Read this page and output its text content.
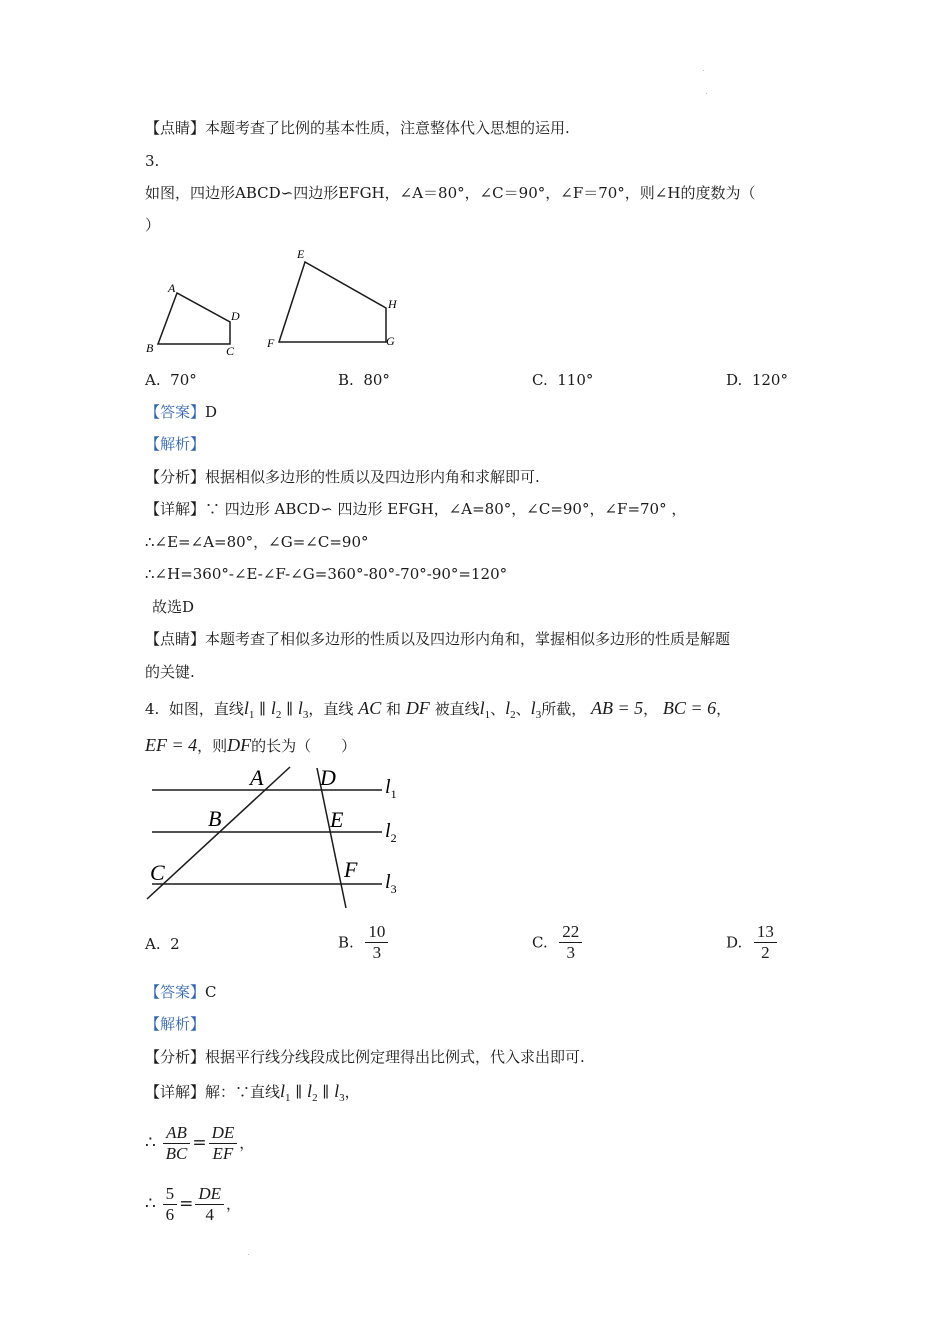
【点睛】本题考查了比例的基本性质，注意整体代入思想的运用.
3.
如图，四边形ABCD∽四边形EFGH，∠A＝80°，∠C＝90°，∠F＝70°，则∠H的度数为（
）
A
B	C
D
E
F	G
H
A. 70°	B. 80°	C. 110°	D. 120°
【答案】D
【解析】
【分析】根据相似多边形的性质以及四边形内角和求解即可.
【详解】∵ 四边形 ABCD∽ 四边形 EFGH，∠A=80°，∠C=90°，∠F=70° ，
∴∠E=∠A=80°，∠G=∠C=90°
∴∠H=360°-∠E-∠F-∠G=360°-80°-70°-90°=120°
故选D
【点睛】本题考查了相似多边形的性质以及四边形内角和，掌握相似多边形的性质是解题
的关键.
4. 如图，直线$l_1$ ∥ $l_2$ ∥ $l_3$，直线 AC 和 DF 被直线$l_1$、$l_2$、$l_3$所截， AB = 5， BC = 6，
EF = 4，则DF的长为（　　）
A	D
B	E
C	F
$l_1$
$l_2$
$l_3$
A. 2	B. $\frac{10}{3}$	C. $\frac{22}{3}$	D. $\frac{13}{2}$
【答案】C
【解析】
【分析】根据平行线分线段成比例定理得出比例式，代入求出即可.
【详解】解：∵直线$l_1$ ∥ $l_2$ ∥ $l_3$，
∴ $\frac{AB}{BC} = \frac{DE}{EF}$ ，
∴ $\frac{5}{6} = \frac{DE}{4}$ ，
